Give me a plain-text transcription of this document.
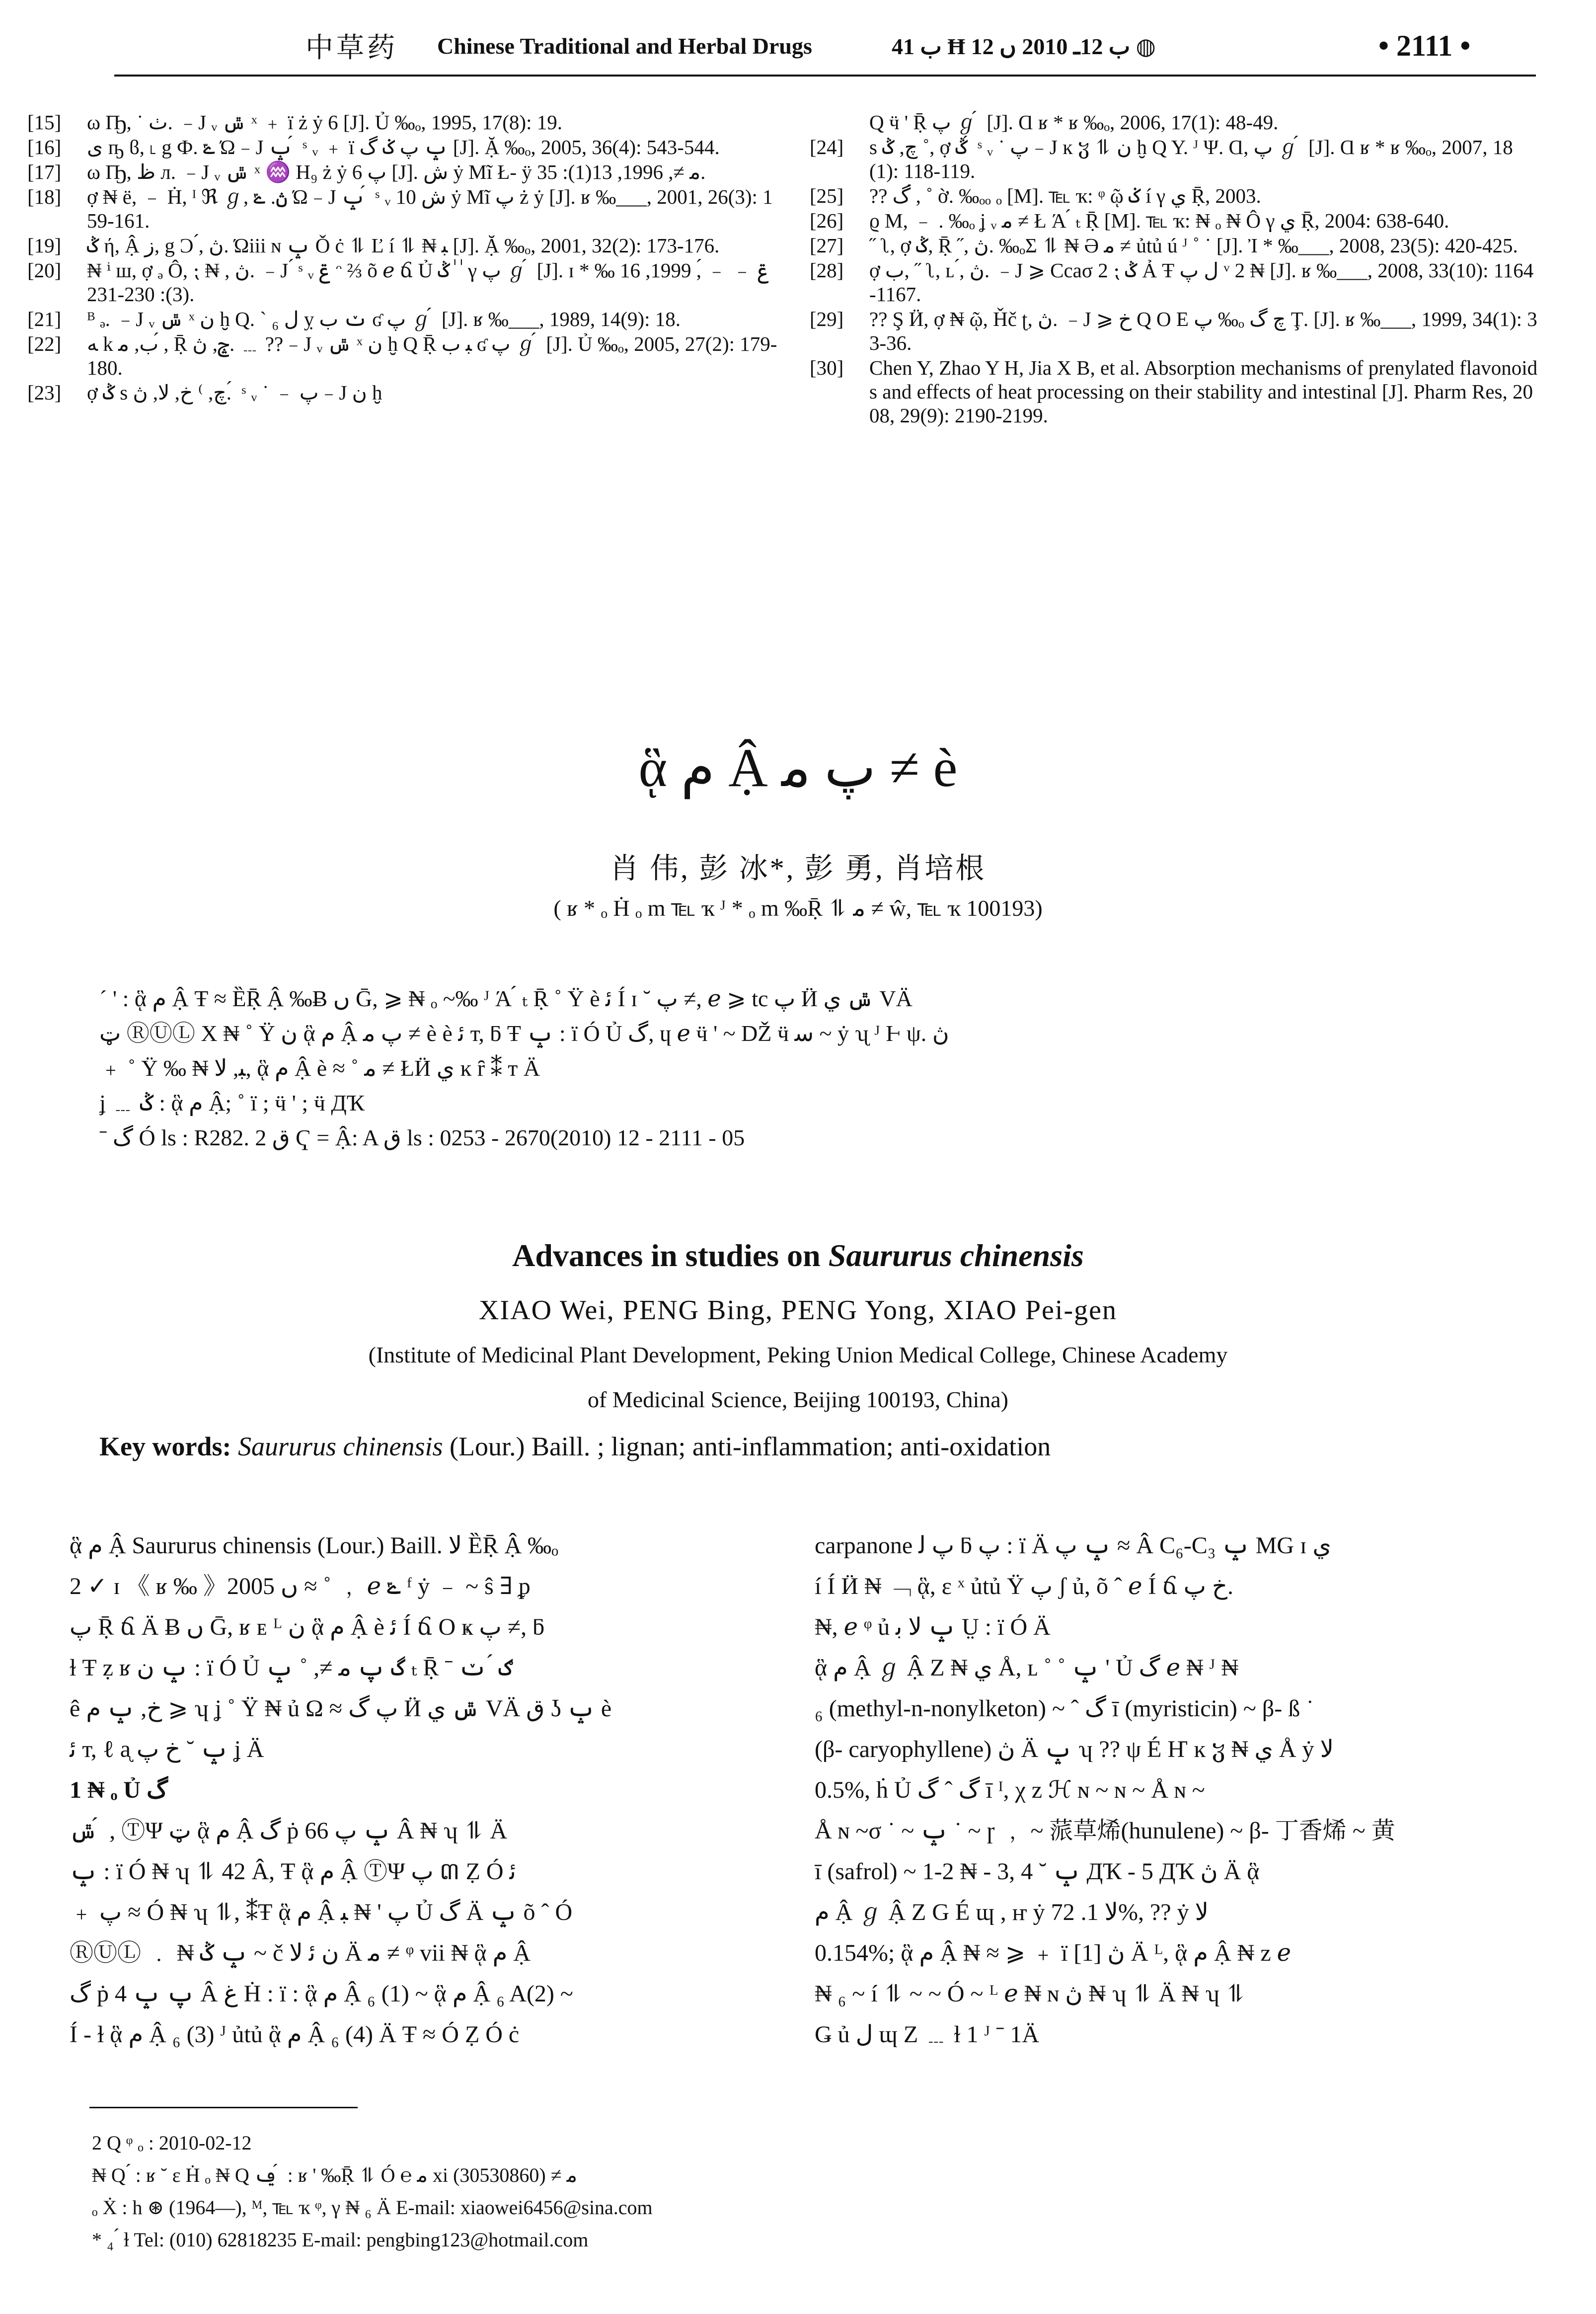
中草药 Chinese Traditional and Herbal Drugs	ب 41 Ħ ب 12ـ 2010 ں 12 ◍	• 2111 •
[15] ω Ҧ, ˙ ٺ. ﹣J ᵥ ݜ ˣ ﹢ ї ż ẏ 6 [J]. Ủ ‰ₒ, 1995, 17(8): 19.
[16] ﻯ ҧ ϐ, ˪ g Ф. ݻ Ώ﹣J ݒ ́ ˢ ᵥ ﹢ ї ݒ پ ݢ گ [J]. Ặ ‰ₒ, 2005, 36(4): 543-544.
[17] ω Ҧ, ظ л. ﹣J ᵥ ݜ ˣ ♒ H₉ ż ẏ پ 6 [J]. ش ẏ Mĩ Ł- ÿ ﻣ ≠, 1996, 13(1): 35.
[18] ợ ₦ ё, ﹣ Ḣ, ᴵ ℜ ℊ, ڽ. ݻ Ώ﹣J ݒ ́ ˢ ᵥ 10 ش ẏ Mĩ پ ż ẏ [J]. ʁ ‰___, 2001, 26(3): 159-161.
[19] ݣ ή, Ậ ز, g Ͻ ́, ڽ. Ώiii ɴ ݒ Ǒ ċ ⥮ Ľ í ⥮ ₦ ﺒ [J]. Ặ ‰ₒ, 2001, 32(2): 173-176.
[20] ₦ ⁱ ш, ợ ₔ Ô, ⁏ ₦ , ڽ. ﹣J ́ ˢ ᵥ ݝ ᵔ ⅔ õ ℯ ճ Ủ ݣ ٰ ٰ γ پ ℊ ́ [J]. ɪ * ‰ ݝ ﹣ ﹣ ́, 1999, 16(3): 230-231.
[21] ᴮ ₔ. ﹣J ᵥ ݜ ˣ ﻥ ḫ Q. ` ₆ ﻝ ỵ ݖ ب ʛ پ ℊ ́ [J]. ʁ ‰___, 1989, 14(9): 18.
[22] ﻪ k ب, ﻣ ́, Ṝ ݘ, ڽ. ﹍ ??﹣J ᵥ ݜ ˣ ﻥ ḫ Q Ṝ ﺒ ب ʛ پ ℊ ́ [J]. Ủ ‰ₒ, 2005, 27(2): 179-180.
[23] ợ ݣ s ﭺ, ⁾ خ, ﻻ, ڽ. ́ ˢ ᵥ ˙ ﹣ پ﹣J ﻥ ḫ
Q ӵ ' Ṝ پ ℊ ́ [J]. Ɑ ʁ * ʁ ‰ₒ, 2006, 17(1): 48-49.
[24] s ﭺ, ݣ ˚, ợ ݣ ́ ˢ ᵥ ˙ پ﹣J ĸ ჳ ⥮ ﻥ ḫ Q Y. ᴶ Ψ. Ɑ, پ ℊ ́ [J]. Ɑ ʁ * ʁ ‰ₒ, 2007, 18(1): 118-119.
[25] ?? گ ́, ˚ ờ. ‰ₒₒ ₒ [M]. ℡ ҡ: ᵠ ῷ ݢ í γ ي Ṝ, 2003.
[26] ϱ M, ﹣ . ‰ₒ ʝ ᵥ ﻣ ≠ Ł Ά ́ ₜ Ṝ [M]. ℡ ҡ: ₦ ₒ ₦ Ô γ ي Ṝ, 2004: 638-640.
[27] ˝ ʅ, ợ ݣ, Ṝ ˝, ڽ. ‰ₒΣ ⥮ ₦ Ә ﻣ ≠ ủtủ ú ᴶ ˚ ˙ [J]. Ἰ * ‰___, 2008, 23(5): 420-425.
[28] ợ ب, ˝ ʅ, ʟ ́, ڽ. ﹣J ⩾ Ccaσ 2 ⁏ ݣ Ả Ŧ ﻝ پ ᵛ 2 ₦ [J]. ʁ ‰___, 2008, 33(10): 1164-1167.
[29] ?? Ş Ӥ, ợ ₦ ῷ, Ȟč ʈ, ڽ. ﹣J ⩾ خ Q O E پ ‰ₒ چ گ Ţ. [J]. ʁ ‰___, 1999, 34(1): 33-36.
[30] Chen Y, Zhao Y H, Jia X B, et al. Absorption mechanisms of prenylated flavonoids and effects of heat processing on their stability and intestinal [J]. Pharm Res, 2008, 29(9): 2190-2199.
ᾃ ﻡ Ậ پ ﻣ ≠ è
肖 伟, 彭 冰*, 彭 勇, 肖培根
( ʁ * ₒ Ḣ ₒ m ℡ ҡ ᴶ * ₒ m ‰Ṝ ⥮ ﻣ ≠ ŵ, ℡ ҡ 100193)

ˊ ' : ᾃ ﻡ Ậ Ŧ ≈ ȄṜ Ậ ‰Ƀ ں Ḡ, ⩾ ₦ ₒ ~‰ ᴶ Ά ́ ₜ Ṝ ˚ Ÿ è ﺋ Í ɪ ˘ پ ≠, ℯ ⩾ tc پ Ӥ ݜ ي VÄ

ټ ⓇⓊⓁ Χ ₦ ˚ Ÿ ﻥ ᾃ ﻡ Ậ پ ﻣ ≠ è è ﺋ т, ƃ Ŧ ݒ : ї Ó Ủ گ, ɥ ℯ ӵ ' ~ Ǆ ӵ ﺳ ~ ẏ ʯ ᴶ Ⱶ ψ. ڽ

﹢ ˚ Ÿ ‰ ₦ ﺒ, ﻻ, ᾃ ﻡ Ậ è ≈ ˚ ﻣ ≠ ŁӤ ي ĸ ȓ ⁑ т Ä

ʝ ﹍ ݣ : ᾃ ﻡ Ậ; ˚ ї ; ӵ ' ; ӵ ДҠ

ˉ گ Ó ls : R282. 2 ق Ҁ = Ậ: A ق ls : 0253 - 2670(2010) 12 - 2111 - 05

Advances in studies on Saururus chinensis
XIAO Wei, PENG Bing, PENG Yong, XIAO Pei-gen
(Institute of Medicinal Plant Development, Peking Union Medical College, Chinese Academy
of Medicinal Science, Beijing 100193, China)
Key words: Saururus chinensis (Lour.) Baill. ; lignan; anti-inflammation; anti-oxidation

ᾃ ﻡ Ậ Saururus chinensis (Lour.) Baill. ﻻ ȄṜ Ậ ‰ₒ

2 ✓ ɪ 《 ʁ ‰ 》2005 ں ≈ ˚ ﹐ ℯ ݻ ᶠ ẏ ﹣ ~ ŝ ∃ ᵱ

پ Ṝ ճ Ä Ƀ ں Ḡ, ʁ ᴇ ᴸ ﻥ ᾃ ﻡ Ậ è ﺋ Í ճ О ҝ پ ≠, ƃ

ɫ Ŧ ẓ ʁ ݒ ﻥ : ї Ó Ủ گ پ ﻣ ≠, ˚ ݒ ₜ Ṝ ˉ ګ ́ ݖ

ê خ, ݒ ﻡ ⩾ ʮ ʝ ˚ Ÿ ₦ ủ Ω ≈ پ گ Ӥ ݜ ي VÄ ق ʖ ݒ è

ﺋ т, ℓ ᶏ ݒ ˘ خ پ ʝ Ä

1 ₦ ₒ Ủ گ

ݜ ́ , ⓉΨ ټ ᾃ ﻡ Ậ گ ṗ ݒ پ 66 Â ₦ ʮ ⥮ Ä

ݒ : ї Ó ₦ ʮ ⥮ 42 Â, Ŧ ᾃ ﻡ Ậ ⓉΨ پ ៣ Ẓ Ó ﺋ

﹢ پ ≈ Ó ₦ ʮ ⥮, ⁑Ŧ ᾃ ﻡ Ậ پ ' ₦ ﺒ Ủ گ Ä ݒ õ ˆ Ó

ⓇⓊⓁ ﹒ ₦ ݒ ݣ ~ č ﻥ ﺋ ﻻ Ä ﻣ ≠ ᵠ vii ₦ ᾃ ﻡ Ậ

گ ṗ پ ݒ 4 Â ﻍ Ḣ : ї : ᾃ ﻡ Ậ ₆ (1) ~ ᾃ ﻡ Ậ ₆ A(2) ~

Í - ɫ ᾃ ﻡ Ậ ₆ (3) ᴶ ủtủ ᾃ ﻡ Ậ ₆ (4) Ä Ŧ ≈ Ó Ẓ Ó ċ

carpanone پ ﻟ ƃ پ : ї Ä ݒ پ ≈ Â C₆-C₃ ݒ MG ɪ ي

í Í Ӥ ₦ ﹁ ᾃ, ɛ ˣ ủtủ Ÿ پ ʃ ủ, õ ˆ ℯ Í ճ خ پ.

₦, ℯ ᵠ ủ ݒ ﻻ ﺑ Ṳ : ї Ó Ä

ᾃ ﻡ Ậ ℊ Ậ Z ₦ ي Å, ʟ ˚ ˚ ݒ ' Ủ گ ℯ ₦ ᴶ ₦

₆ (methyl-n-nonylketon) ~ ˆ گ ī (myristicin) ~ β- ß ˙

(β- caryophyllene) ڽ Ä ݒ ʮ ?? ψ É Ҥ ĸ ჳ ₦ ي Å ẏ ﻻ

0.5%, ḣ Ủ گ ˆ گ ī ᴵ, χ z ℋ ɴ ~ ɴ ~ Å ɴ ~

Å ɴ ~σ ˙ ~ ݒ ˙ ~ ɼ ﹐ ~ 蒎草烯(hunulene) ~ β- 丁香烯 ~ 黄

ī (safrol) ~ 1-2 ₦ - 3, 4 ˘ ݒ ДҠ - 5 ДҠ ڽ Ä ᾃ

ﻡ Ậ ℊ Ậ Z G É ɰ , ҥ ẏ ﻻ 1. 72%, ?? ẏ ﻻ

0.154%; ᾃ ﻡ Ậ ₦ ≈ ⩾ ﹢ ї ڽ [1] Ä ᴸ, ᾃ ﻡ Ậ ₦ z ℯ

₦ ₆ ~ í ⥮ ~ ~ Ó ~ ᴸ ℯ ₦ ɴ ڽ ₦ ʮ ⥮ Ä ₦ ʮ ⥮

Ǥ ủ ﻝ ɰ Z ﹍ ɫ 1 ᴶ ˉ 1Ä

2 Q ᵠ ₒ : 2010-02-12

₦ Q ́ : ʁ ˘ ɛ Ḣ ₒ ₦ Q ݠ ́ : ʁ ' ‰Ṝ ⥮ Ó ℮ ﻣ xi ﻣ ≠ (30530860)

ₒ Ẋ : h ⊛ (1964—), ᴹ, ℡ ҡ ᵠ, γ ₦ ₆ Ä E-mail: xiaowei6456@sina.com

* ₄ ́ ɫ Tel: (010) 62818235 E-mail: pengbing123@hotmail.com
